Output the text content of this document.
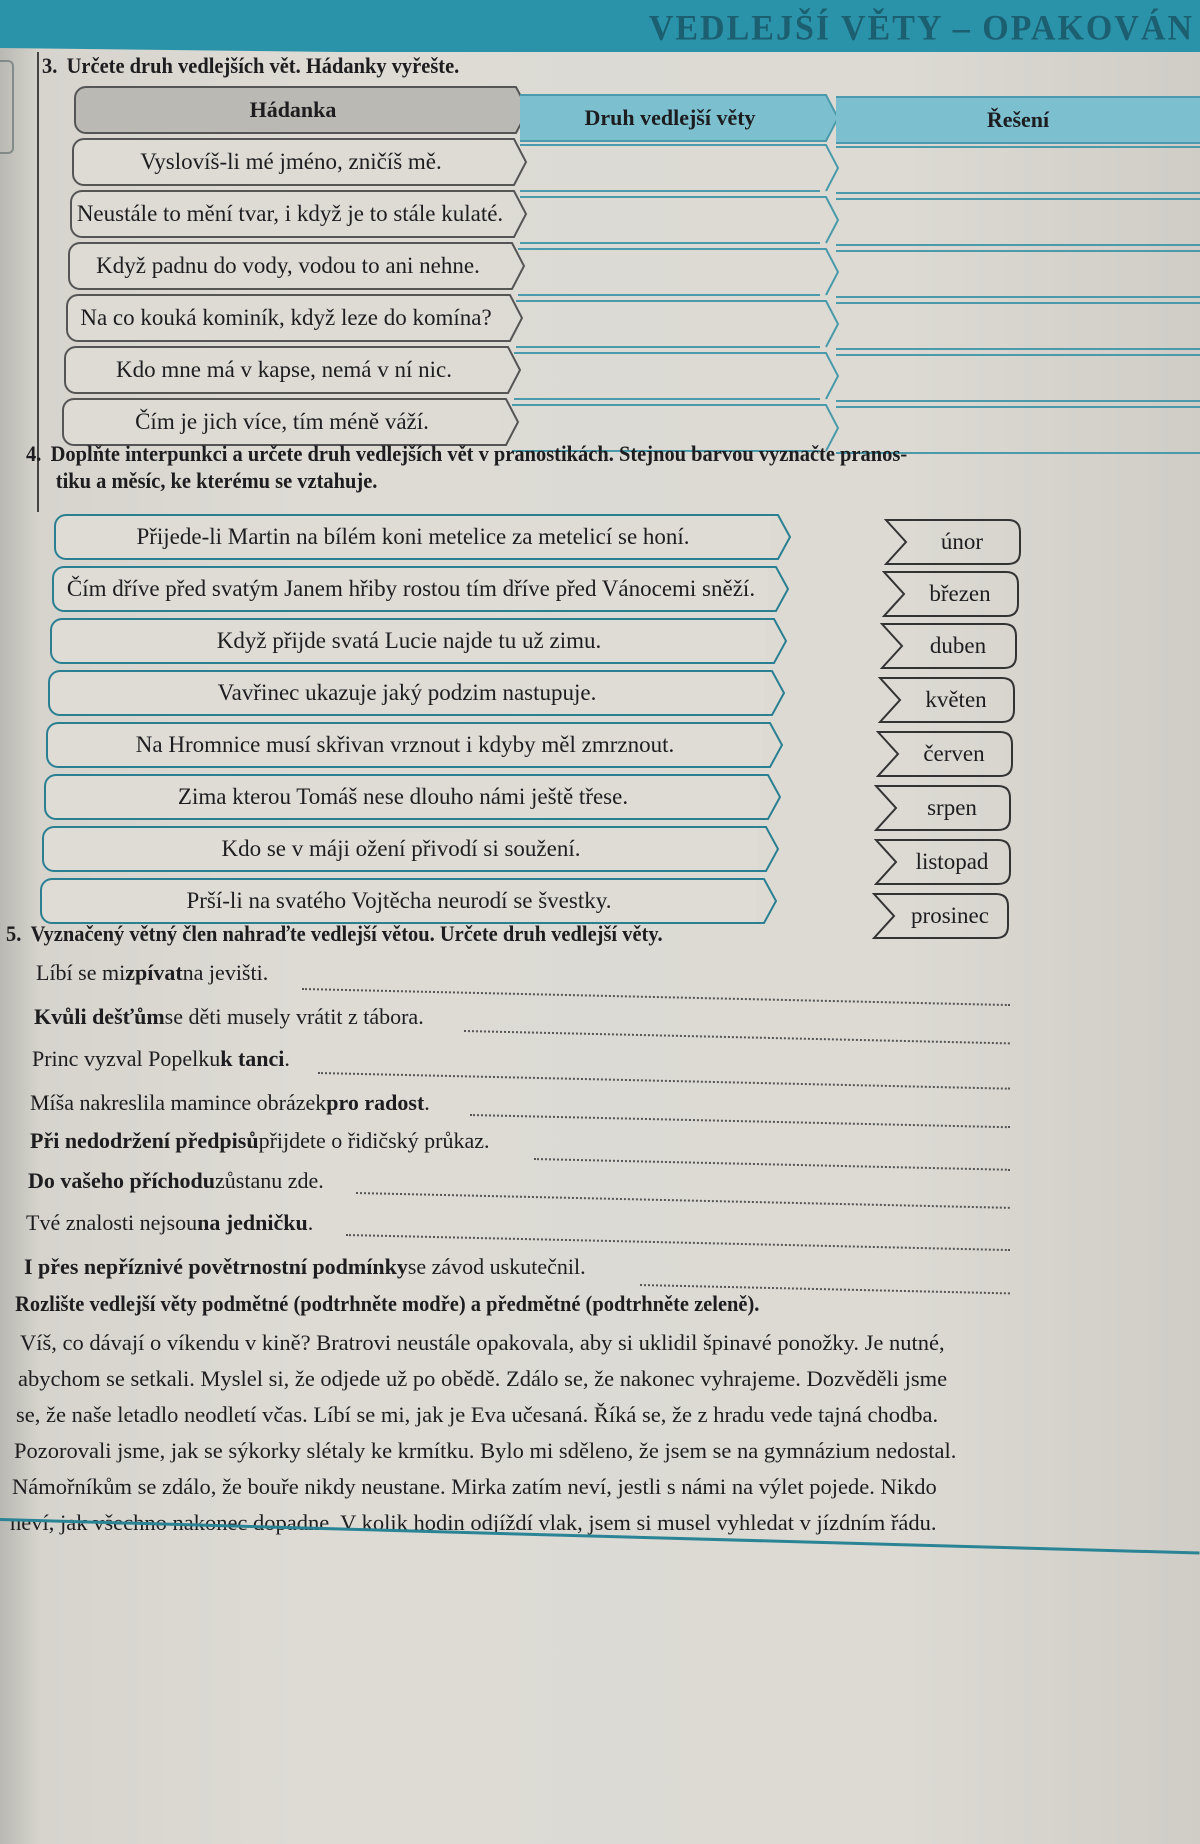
VEDLEJŠÍ VĚTY – OPAKOVÁN
3. Určete druh vedlejších vět. Hádanky vyřešte.
Hádanka	Druh vedlejší věty	Řešení
Vyslovíš-li mé jméno, zničíš mě.
Neustále to mění tvar, i když je to stále kulaté.
Když padnu do vody, vodou to ani nehne.
Na co kouká kominík, když leze do komína?
Kdo mne má v kapse, nemá v ní nic.
Čím je jich více, tím méně váží.
4. Doplňte interpunkci a určete druh vedlejších vět v pranostikách. Stejnou barvou vyznačte pranos-
tiku a měsíc, ke kterému se vztahuje.
Přijede-li Martin na bílém koni metelice za metelicí se honí.
Čím dříve před svatým Janem hřiby rostou tím dříve před Vánocemi sněží.
Když přijde svatá Lucie najde tu už zimu.
Vavřinec ukazuje jaký podzim nastupuje.
Na Hromnice musí skřivan vrznout i kdyby měl zmrznout.
Zima kterou Tomáš nese dlouho námi ještě třese.
Kdo se v máji ožení přivodí si soužení.
Prší-li na svatého Vojtěcha neurodí se švestky.
únor
březen
duben
květen
červen
srpen
listopad
prosinec
5. Vyznačený větný člen nahraďte vedlejší větou. Určete druh vedlejší věty.
Líbí se mi zpívat na jevišti.
Kvůli dešťům se děti musely vrátit z tábora.
Princ vyzval Popelku k tanci .
Míša nakreslila mamince obrázek pro radost .
Při nedodržení předpisů přijdete o řidičský průkaz.
Do vašeho příchodu zůstanu zde.
Tvé znalosti nejsou na jedničku .
I přes nepříznivé povětrnostní podmínky se závod uskutečnil.
Rozlište vedlejší věty podmětné (podtrhněte modře) a předmětné (podtrhněte zeleně).
Víš, co dávají o víkendu v kině? Bratrovi neustále opakovala, aby si uklidil špinavé ponožky. Je nutné,
abychom se setkali. Myslel si, že odjede už po obědě. Zdálo se, že nakonec vyhrajeme. Dozvěděli jsme
se, že naše letadlo neodletí včas. Líbí se mi, jak je Eva učesaná. Říká se, že z hradu vede tajná chodba.
Pozorovali jsme, jak se sýkorky slétaly ke krmítku. Bylo mi sděleno, že jsem se na gymnázium nedostal.
Námořníkům se zdálo, že bouře nikdy neustane. Mirka zatím neví, jestli s námi na výlet pojede. Nikdo
neví, jak všechno nakonec dopadne. V kolik hodin odjíždí vlak, jsem si musel vyhledat v jízdním řádu.
